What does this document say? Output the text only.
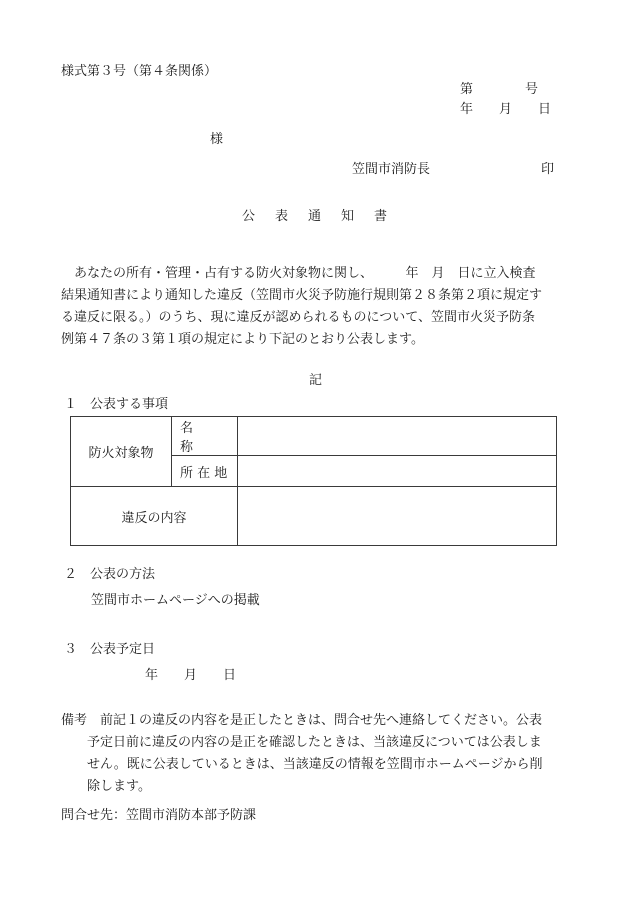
様式第３号（第４条関係）
第　　　　号
年　　月　　日
様
笠間市消防長	印
公表通知書
あなたの所有・管理・占有する防火対象物に関し、　　　年　月　日に立入検査
結果通知書により通知した違反（笠間市火災予防施行規則第２８条第２項に規定す
る違反に限る。）のうち、現に違反が認められるものについて、笠間市火災予防条
例第４７条の３第１項の規定により下記のとおり公表します。
記
１　公表する事項
防火対象物	名　　称	
	所 在 地	
違反の内容		
２　公表の方法
笠間市ホームページへの掲載
３　公表予定日
年　　月　　日
備考　前記１の違反の内容を是正したときは、問合せ先へ連絡してください。公表
　　予定日前に違反の内容の是正を確認したときは、当該違反については公表しま
　　せん。既に公表しているときは、当該違反の情報を笠間市ホームページから削
　　除します。
問合せ先：笠間市消防本部予防課
